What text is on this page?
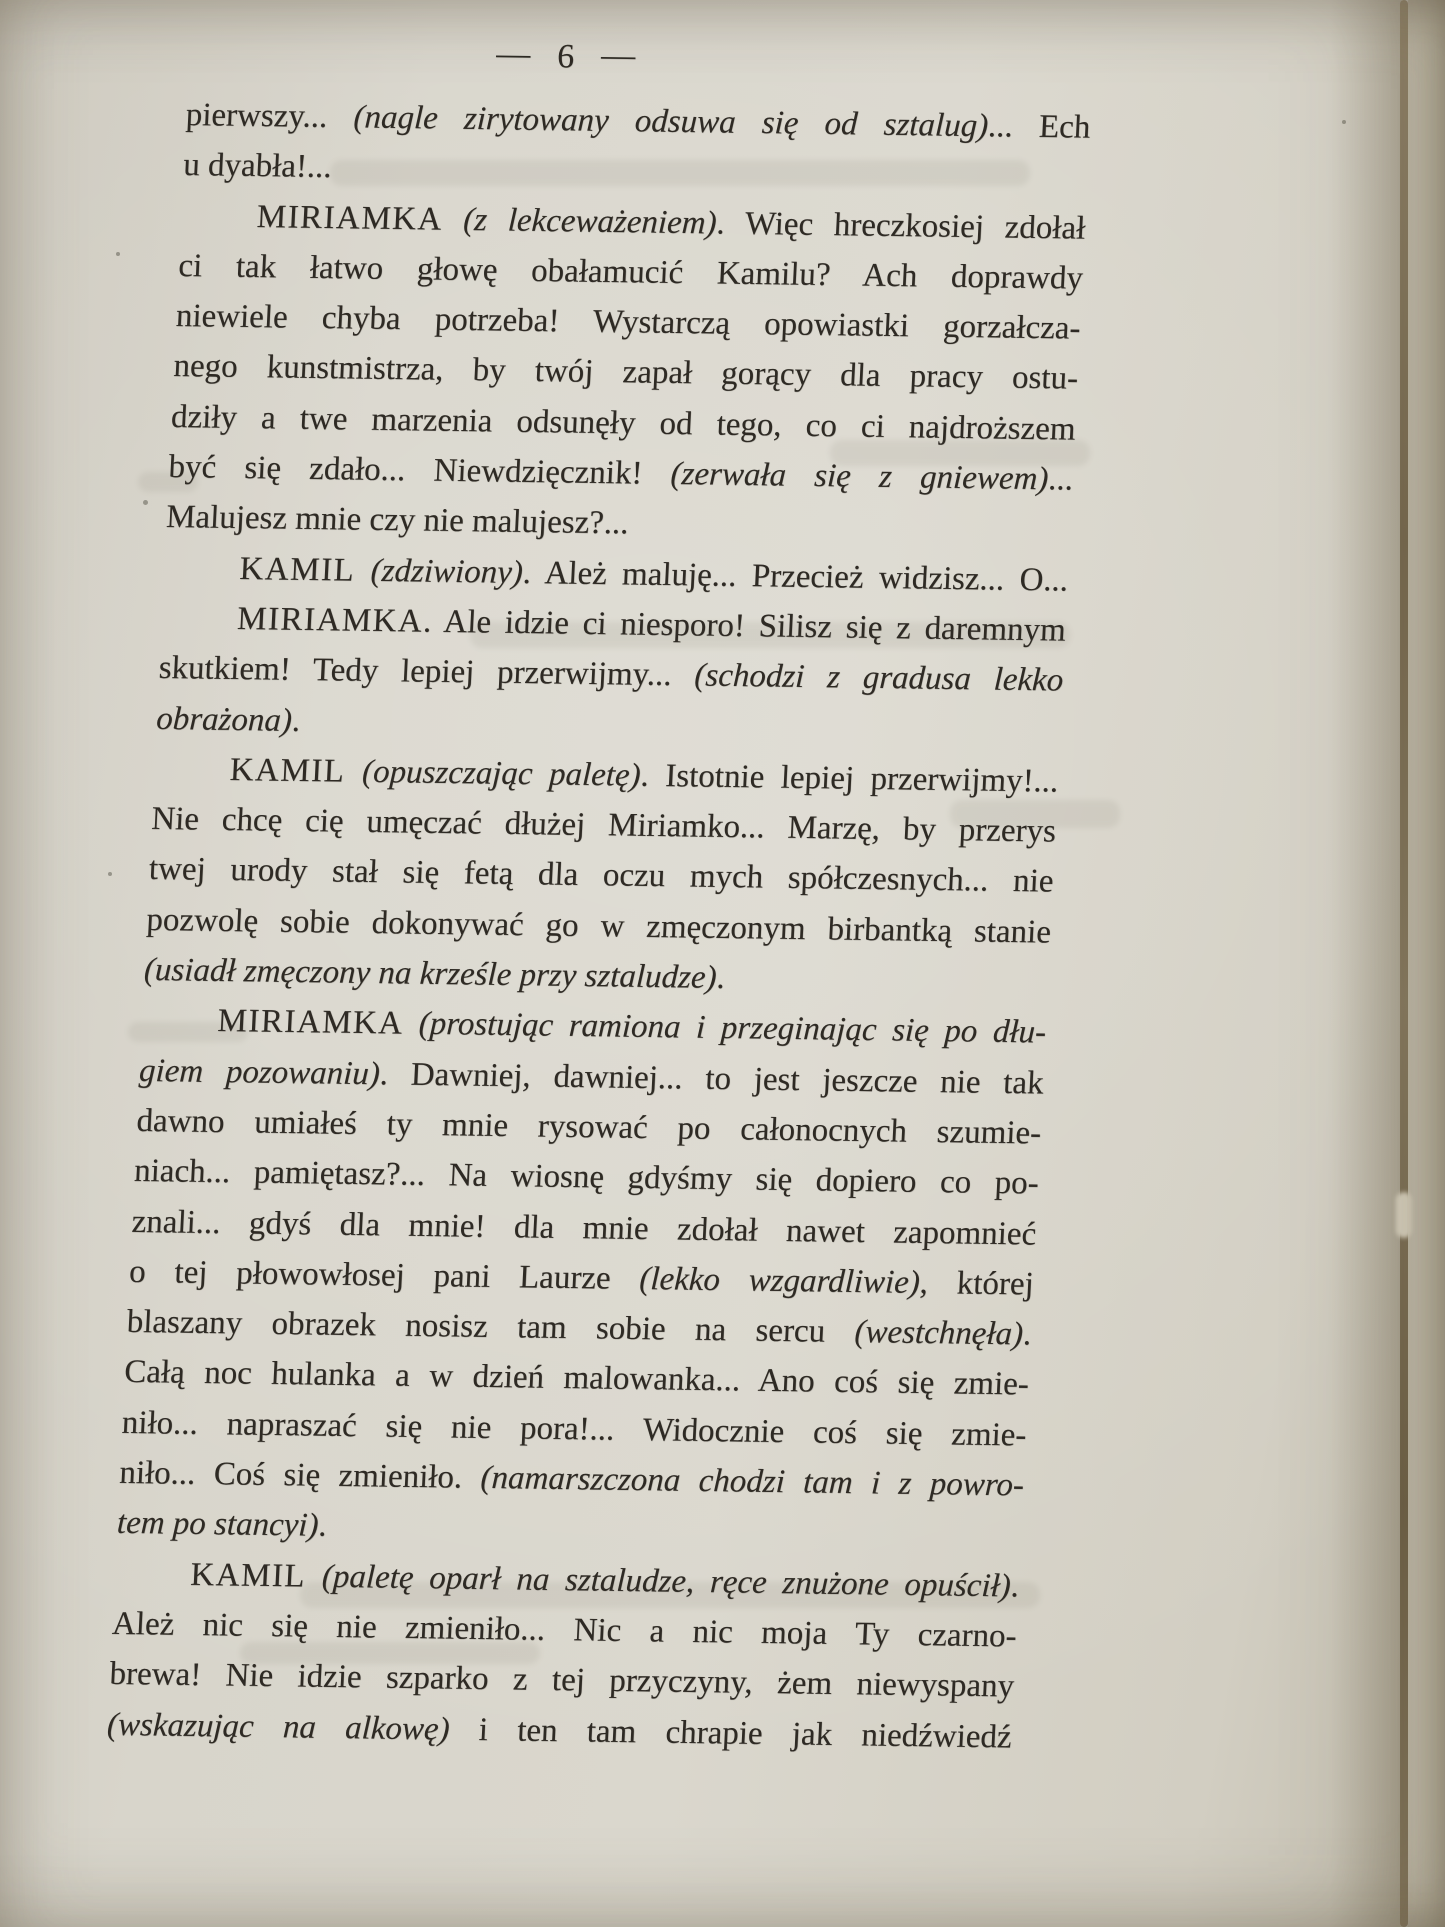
— 6 —
pierwszy... (nagle zirytowany odsuwa się od sztalug)... Ech
u dyabła!...
MIRIAMKA (z lekceważeniem). Więc hreczkosiej zdołał
ci tak łatwo głowę obałamucić Kamilu? Ach doprawdy
niewiele chyba potrzeba! Wystarczą opowiastki gorzałcza-
nego kunstmistrza, by twój zapał gorący dla pracy ostu-
dziły a twe marzenia odsunęły od tego, co ci najdroższem
być się zdało... Niewdzięcznik! (zerwała się z gniewem)...
Malujesz mnie czy nie malujesz?...
KAMIL (zdziwiony). Ależ maluję... Przecież widzisz... O...
MIRIAMKA. Ale idzie ci niesporo! Silisz się z daremnym
skutkiem! Tedy lepiej przerwijmy... (schodzi z gradusa lekko
obrażona).
KAMIL (opuszczając paletę). Istotnie lepiej przerwijmy!...
Nie chcę cię umęczać dłużej Miriamko... Marzę, by przerys
twej urody stał się fetą dla oczu mych spółczesnych... nie
pozwolę sobie dokonywać go w zmęczonym birbantką stanie
(usiadł zmęczony na krześle przy sztaludze).
MIRIAMKA (prostując ramiona i przeginając się po dłu-
giem pozowaniu). Dawniej, dawniej... to jest jeszcze nie tak
dawno umiałeś ty mnie rysować po całonocnych szumie-
niach... pamiętasz?... Na wiosnę gdyśmy się dopiero co po-
znali... gdyś dla mnie! dla mnie zdołał nawet zapomnieć
o tej płowowłosej pani Laurze (lekko wzgardliwie), której
blaszany obrazek nosisz tam sobie na sercu (westchnęła).
Całą noc hulanka a w dzień malowanka... Ano coś się zmie-
niło... napraszać się nie pora!... Widocznie coś się zmie-
niło... Coś się zmieniło. (namarszczona chodzi tam i z powro-
tem po stancyi).
KAMIL (paletę oparł na sztaludze, ręce znużone opuścił).
Ależ nic się nie zmieniło... Nic a nic moja Ty czarno-
brewa! Nie idzie szparko z tej przyczyny, żem niewyspany
(wskazując na alkowę) i ten tam chrapie jak niedźwiedź
